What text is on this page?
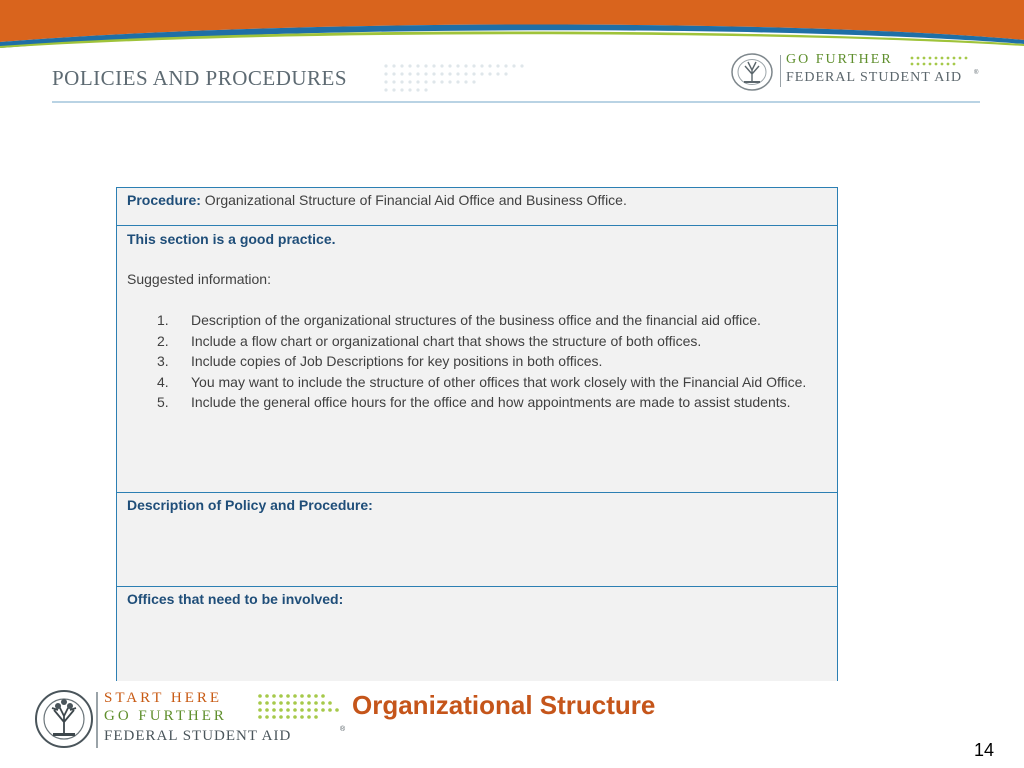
POLICIES AND PROCEDURES
GO FURTHER
FEDERAL STUDENT AID ®
Procedure: Organizational Structure of Financial Aid Office and Business Office.
This section is a good practice.
Suggested information:
1. Description of the organizational structures of the business office and the financial aid office.
2. Include a flow chart or organizational chart that shows the structure of both offices.
3. Include copies of Job Descriptions for key positions in both offices.
4. You may want to include the structure of other offices that work closely with the Financial Aid Office.
5. Include the general office hours for the office and how appointments are made to assist students.
Description of Policy and Procedure:
Offices that need to be involved:
START HERE
GO FURTHER
FEDERAL STUDENT AID	®
Organizational Structure
14
